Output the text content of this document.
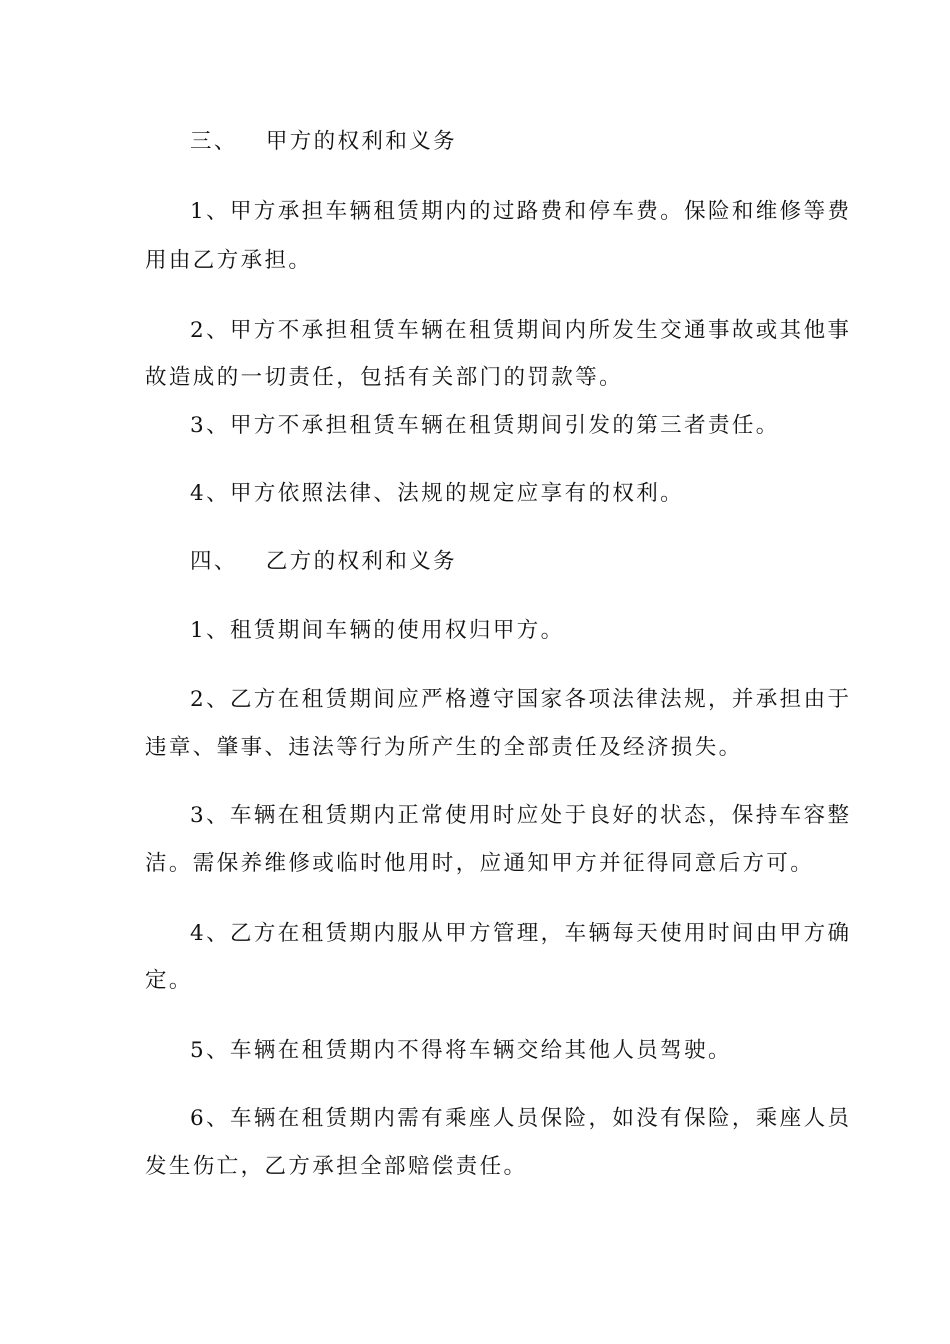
三、 甲方的权利和义务
1、甲方承担车辆租赁期内的过路费和停车费。保险和维修等费
用由乙方承担。
2、甲方不承担租赁车辆在租赁期间内所发生交通事故或其他事
故造成的一切责任，包括有关部门的罚款等。
3、甲方不承担租赁车辆在租赁期间引发的第三者责任。
4、甲方依照法律、法规的规定应享有的权利。
四、 乙方的权利和义务
1、租赁期间车辆的使用权归甲方。
2、乙方在租赁期间应严格遵守国家各项法律法规，并承担由于
违章、肇事、违法等行为所产生的全部责任及经济损失。
3、车辆在租赁期内正常使用时应处于良好的状态，保持车容整
洁。需保养维修或临时他用时，应通知甲方并征得同意后方可。
4、乙方在租赁期内服从甲方管理，车辆每天使用时间由甲方确
定。
5、车辆在租赁期内不得将车辆交给其他人员驾驶。
6、车辆在租赁期内需有乘座人员保险，如没有保险，乘座人员
发生伤亡，乙方承担全部赔偿责任。
